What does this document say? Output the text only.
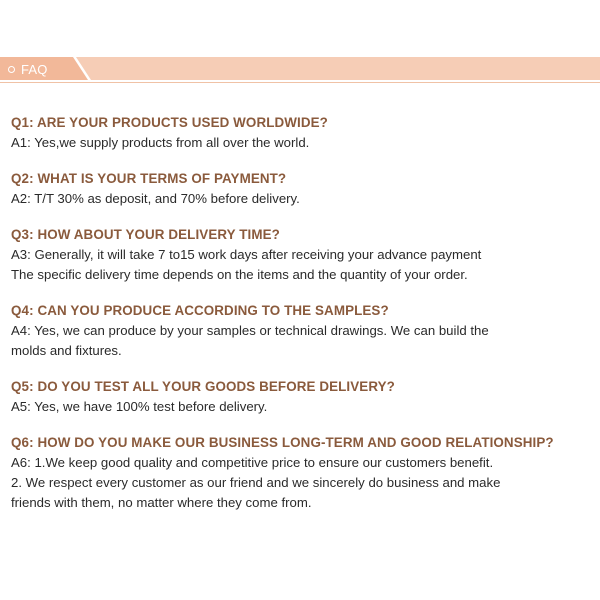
FAQ

Q1: ARE YOUR PRODUCTS USED WORLDWIDE?

A1: Yes,we supply products from all over the world.

Q2: WHAT IS YOUR TERMS OF PAYMENT?

A2: T/T 30% as deposit, and 70% before delivery.

Q3: HOW ABOUT YOUR DELIVERY TIME?

A3: Generally, it will take 7 to15 work days after receiving your advance payment

The specific delivery time depends on the items and the quantity of your order.

Q4: CAN YOU PRODUCE ACCORDING TO THE SAMPLES?

A4: Yes, we can produce by your samples or technical drawings. We can build the

molds and fixtures.

Q5: DO YOU TEST ALL YOUR GOODS BEFORE DELIVERY?

A5: Yes, we have 100% test before delivery.

Q6: HOW DO YOU MAKE OUR BUSINESS LONG-TERM AND GOOD RELATIONSHIP?

A6: 1.We keep good quality and competitive price to ensure our customers benefit.

2. We respect every customer as our friend and we sincerely do business and make

friends with them, no matter where they come from.
